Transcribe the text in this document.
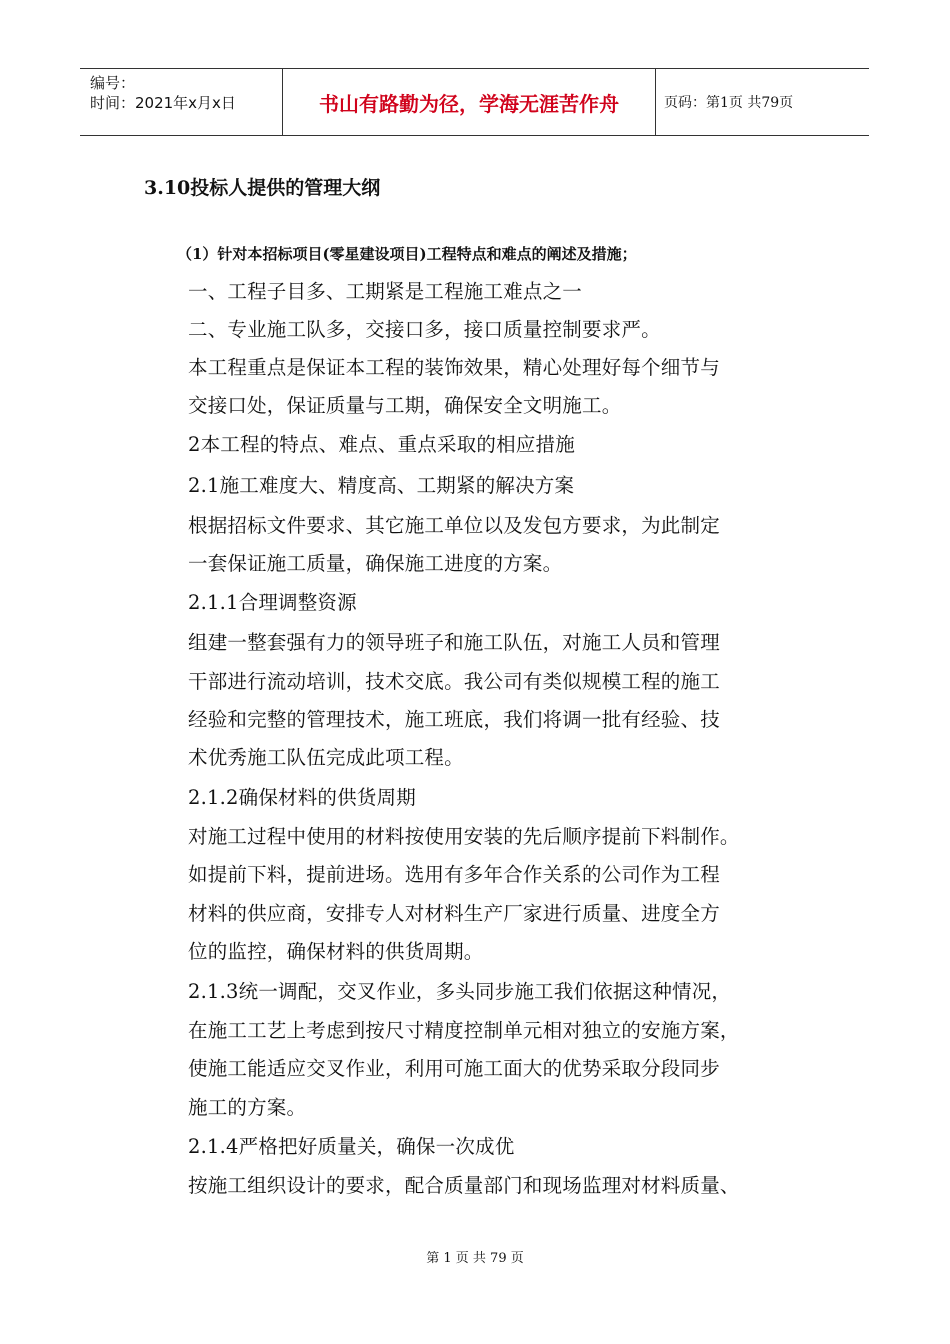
编号：
时间：2021年x月x日	书山有路勤为径，学海无涯苦作舟	页码：第1页 共79页
3.10投标人提供的管理大纲
（1）针对本招标项目(零星建设项目)工程特点和难点的阐述及措施；
一、工程子目多、工期紧是工程施工难点之一
二、专业施工队多，交接口多，接口质量控制要求严。
本工程重点是保证本工程的装饰效果，精心处理好每个细节与
交接口处，保证质量与工期，确保安全文明施工。
2本工程的特点、难点、重点采取的相应措施
2.1施工难度大、精度高、工期紧的解决方案
根据招标文件要求、其它施工单位以及发包方要求，为此制定
一套保证施工质量，确保施工进度的方案。
2.1.1合理调整资源
组建一整套强有力的领导班子和施工队伍，对施工人员和管理
干部进行流动培训，技术交底。我公司有类似规模工程的施工
经验和完整的管理技术，施工班底，我们将调一批有经验、技
术优秀施工队伍完成此项工程。
2.1.2确保材料的供货周期
对施工过程中使用的材料按使用安装的先后顺序提前下料制作。
如提前下料，提前进场。选用有多年合作关系的公司作为工程
材料的供应商，安排专人对材料生产厂家进行质量、进度全方
位的监控，确保材料的供货周期。
2.1.3统一调配，交叉作业，多头同步施工我们依据这种情况，
在施工工艺上考虑到按尺寸精度控制单元相对独立的安施方案，
使施工能适应交叉作业，利用可施工面大的优势采取分段同步
施工的方案。
2.1.4严格把好质量关，确保一次成优
按施工组织设计的要求，配合质量部门和现场监理对材料质量、
第 1 页 共 79 页
